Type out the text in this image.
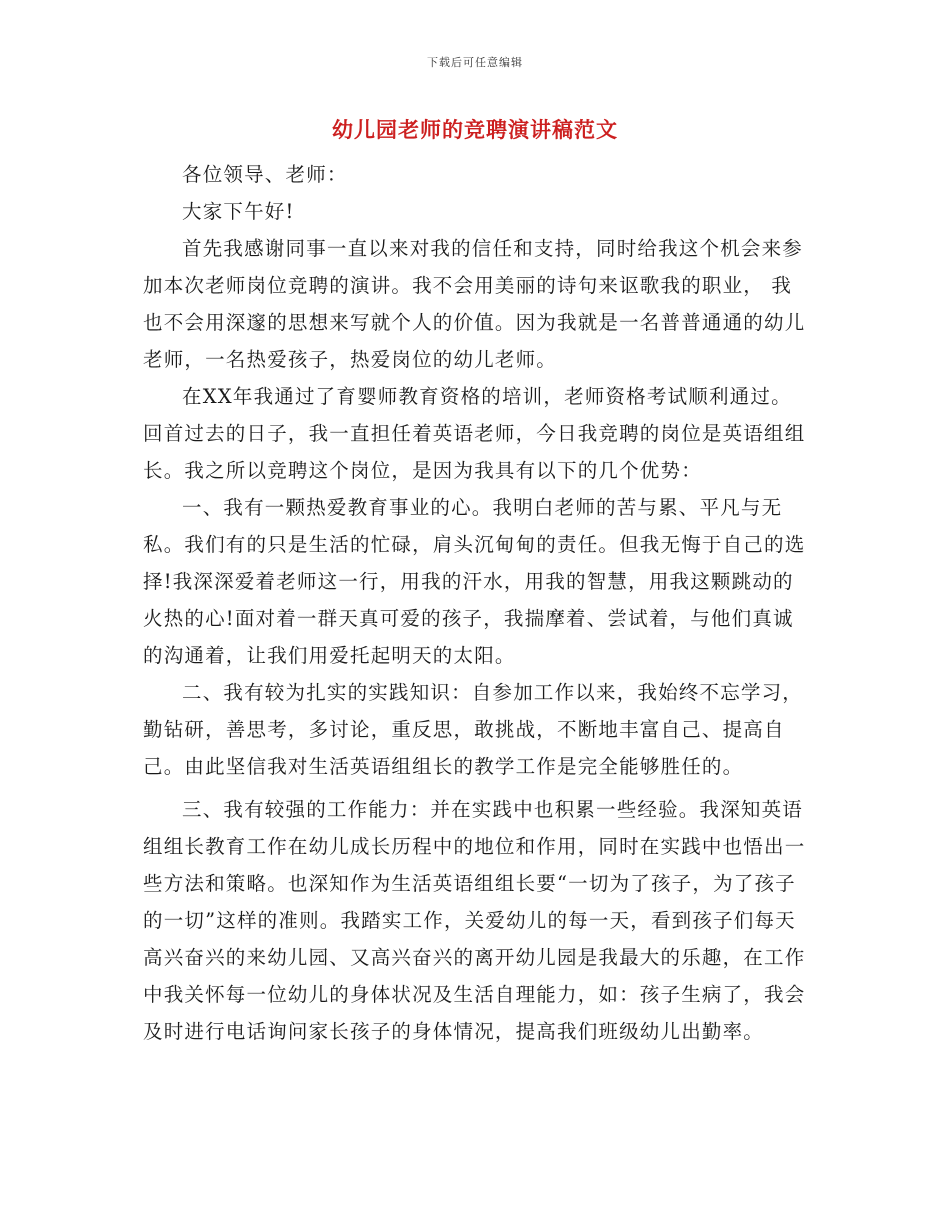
下载后可任意编辑
幼儿园老师的竞聘演讲稿范文

各位领导、老师：

大家下午好!

首先我感谢同事一直以来对我的信任和支持，同时给我这个机会来参加本次老师岗位竞聘的演讲。我不会用美丽的诗句来讴歌我的职业， 我也不会用深邃的思想来写就个人的价值。因为我就是一名普普通通的幼儿老师，一名热爱孩子，热爱岗位的幼儿老师。

在XX年我通过了育婴师教育资格的培训，老师资格考试顺利通过。回首过去的日子，我一直担任着英语老师，今日我竞聘的岗位是英语组组长。我之所以竞聘这个岗位，是因为我具有以下的几个优势：

一、我有一颗热爱教育事业的心。我明白老师的苦与累、平凡与无私。我们有的只是生活的忙碌，肩头沉甸甸的责任。但我无悔于自己的选择!我深深爱着老师这一行，用我的汗水，用我的智慧，用我这颗跳动的火热的心!面对着一群天真可爱的孩子，我揣摩着、尝试着，与他们真诚的沟通着，让我们用爱托起明天的太阳。

二、我有较为扎实的实践知识：自参加工作以来，我始终不忘学习，勤钻研，善思考，多讨论，重反思，敢挑战，不断地丰富自己、提高自己。由此坚信我对生活英语组组长的教学工作是完全能够胜任的。

三、我有较强的工作能力：并在实践中也积累一些经验。我深知英语组组长教育工作在幼儿成长历程中的地位和作用，同时在实践中也悟出一些方法和策略。也深知作为生活英语组组长要“一切为了孩子，为了孩子的一切”这样的准则。我踏实工作，关爱幼儿的每一天，看到孩子们每天高兴奋兴的来幼儿园、又高兴奋兴的离开幼儿园是我最大的乐趣，在工作中我关怀每一位幼儿的身体状况及生活自理能力，如：孩子生病了，我会及时进行电话询问家长孩子的身体情况，提高我们班级幼儿出勤率。
